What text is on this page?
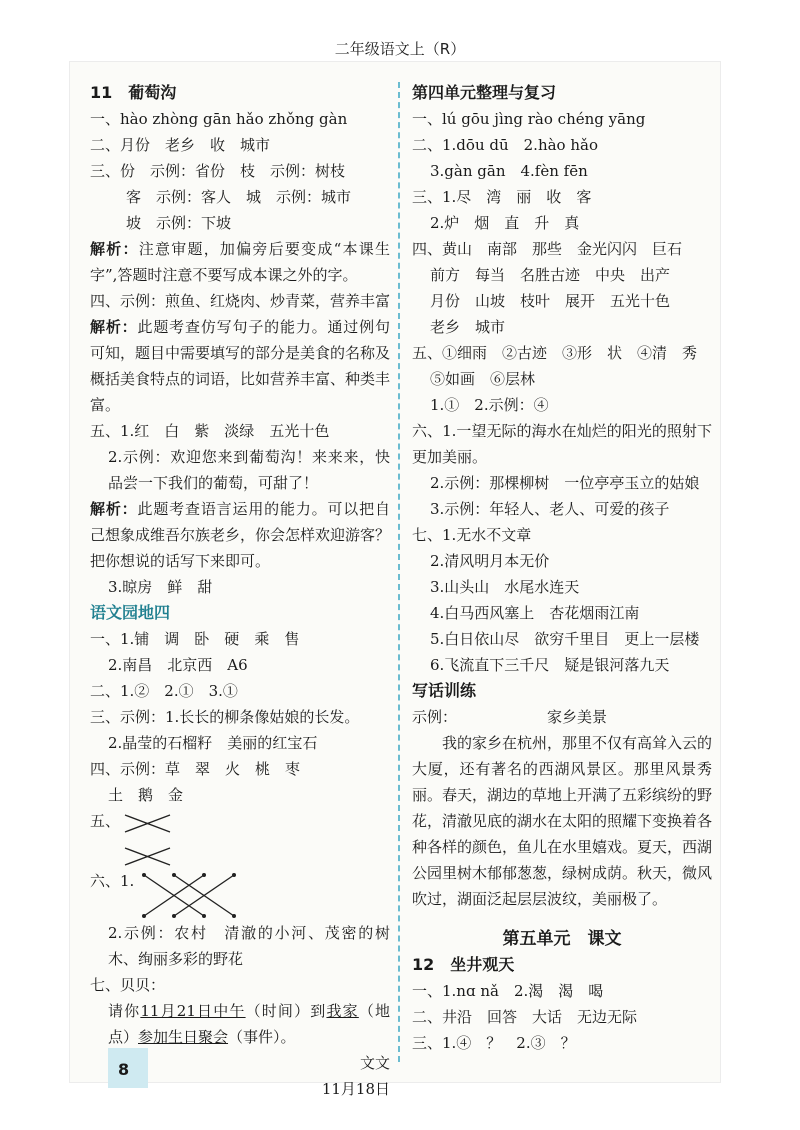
二年级语文上（R）
11　葡萄沟
一、hào zhòng gān hǎo zhǒng gàn
二、月份　老乡　收　城市
三、份　示例：省份　枝　示例：树枝
客　示例：客人　城　示例：城市
坡　示例：下坡
解析：注意审题，加偏旁后要变成“本课生字”,答题时注意不要写成本课之外的字。
四、示例：煎鱼、红烧肉、炒青菜，营养丰富
解析：此题考查仿写句子的能力。通过例句可知，题目中需要填写的部分是美食的名称及概括美食特点的词语，比如营养丰富、种类丰富。
五、1.红　白　紫　淡绿　五光十色
2.示例：欢迎您来到葡萄沟！来来来，快品尝一下我们的葡萄，可甜了！
解析：此题考查语言运用的能力。可以把自己想象成维吾尔族老乡，你会怎样欢迎游客？把你想说的话写下来即可。
3.晾房　鲜　甜
语文园地四
一、1.铺　调　卧　硬　乘　售
2.南昌　北京西　A6
二、1.②　2.①　3.①
三、示例：1.长长的柳条像姑娘的长发。
2.晶莹的石榴籽　美丽的红宝石
四、示例：草　翠　火　桃　枣
土　鹅　金
五、
六、1.
2.示例：农村　清澈的小河、茂密的树木、绚丽多彩的野花
七、贝贝：
请你11月21日中午（时间）到我家（地点）参加生日聚会（事件）。
文文
11月18日
第四单元整理与复习
一、lú gōu jìng rào chéng yāng
二、1.dōu dū　2.hào hǎo
3.gàn gān　4.fèn fēn
三、1.尽　湾　丽　收　客
2.炉　烟　直　升　真
四、黄山　南部　那些　金光闪闪　巨石
前方　每当　名胜古迹　中央　出产
月份　山坡　枝叶　展开　五光十色
老乡　城市
五、①细雨　②古迹　③形　状　④清　秀
⑤如画　⑥层林
1.①　2.示例：④
六、1.一望无际的海水在灿烂的阳光的照射下更加美丽。
2.示例：那棵柳树　一位亭亭玉立的姑娘
3.示例：年轻人、老人、可爱的孩子
七、1.无水不文章
2.清风明月本无价
3.山头山　水尾水连天
4.白马西风塞上　杏花烟雨江南
5.白日依山尽　欲穷千里目　更上一层楼
6.飞流直下三千尺　疑是银河落九天
写话训练
示例：	家乡美景
我的家乡在杭州，那里不仅有高耸入云的大厦，还有著名的西湖风景区。那里风景秀丽。春天，湖边的草地上开满了五彩缤纷的野花，清澈见底的湖水在太阳的照耀下变换着各种各样的颜色，鱼儿在水里嬉戏。夏天，西湖公园里树木郁郁葱葱，绿树成荫。秋天，微风吹过，湖面泛起层层波纹，美丽极了。
第五单元　课文
12　坐井观天
一、1.nɑ nǎ　2.渴　渴　喝
二、井沿　回答　大话　无边无际
三、1.④　？　2.③　？
8
